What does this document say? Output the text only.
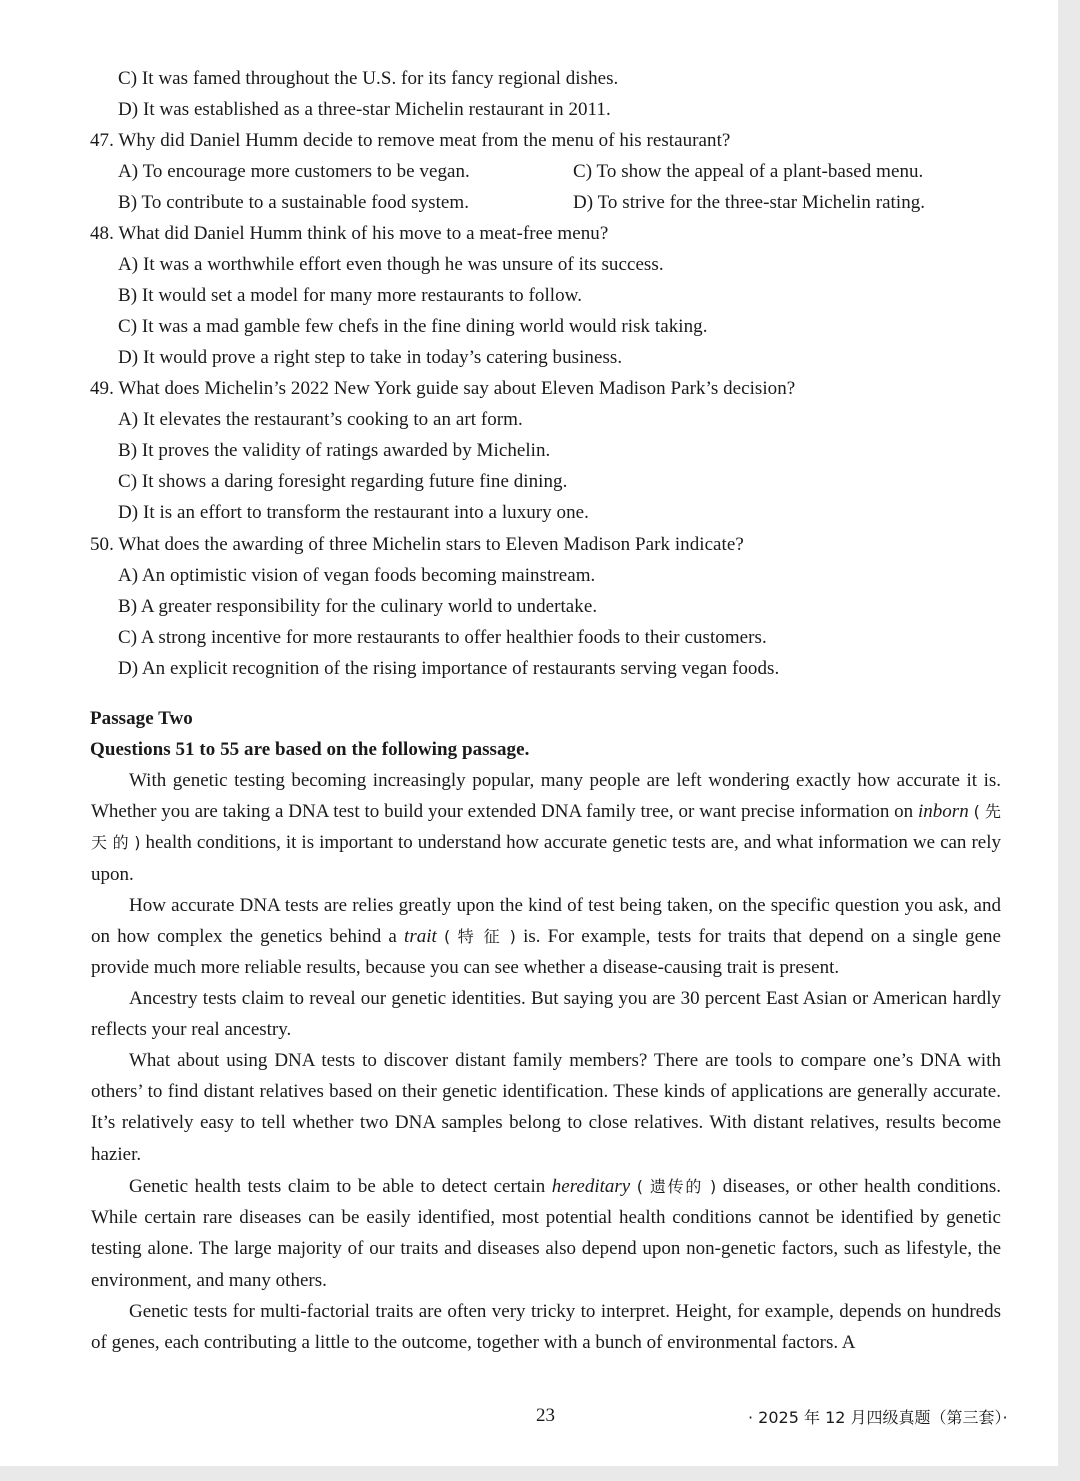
C) It was famed throughout the U.S. for its fancy regional dishes.
D) It was established as a three-star Michelin restaurant in 2011.
47. Why did Daniel Humm decide to remove meat from the menu of his restaurant?
A) To encourage more customers to be vegan.	C) To show the appeal of a plant-based menu.
B) To contribute to a sustainable food system.	D) To strive for the three-star Michelin rating.
48. What did Daniel Humm think of his move to a meat-free menu?
A) It was a worthwhile effort even though he was unsure of its success.
B) It would set a model for many more restaurants to follow.
C) It was a mad gamble few chefs in the fine dining world would risk taking.
D) It would prove a right step to take in today’s catering business.
49. What does Michelin’s 2022 New York guide say about Eleven Madison Park’s decision?
A) It elevates the restaurant’s cooking to an art form.
B) It proves the validity of ratings awarded by Michelin.
C) It shows a daring foresight regarding future fine dining.
D) It is an effort to transform the restaurant into a luxury one.
50. What does the awarding of three Michelin stars to Eleven Madison Park indicate?
A) An optimistic vision of vegan foods becoming mainstream.
B) A greater responsibility for the culinary world to undertake.
C) A strong incentive for more restaurants to offer healthier foods to their customers.
D) An explicit recognition of the rising importance of restaurants serving vegan foods.
Passage Two
Questions 51 to 55 are based on the following passage.
With genetic testing becoming increasingly popular, many people are left wondering exactly how accurate it is. Whether you are taking a DNA test to build your extended DNA family tree, or want precise information on inborn ( 先 天 的 ) health conditions, it is important to understand how accurate genetic tests are, and what information we can rely upon.
How accurate DNA tests are relies greatly upon the kind of test being taken, on the specific question you ask, and on how complex the genetics behind a trait ( 特 征 ) is. For example, tests for traits that depend on a single gene provide much more reliable results, because you can see whether a disease-causing trait is present.
Ancestry tests claim to reveal our genetic identities. But saying you are 30 percent East Asian or American hardly reflects your real ancestry.
What about using DNA tests to discover distant family members? There are tools to compare one’s DNA with others’ to find distant relatives based on their genetic identification. These kinds of applications are generally accurate. It’s relatively easy to tell whether two DNA samples belong to close relatives. With distant relatives, results become hazier.
Genetic health tests claim to be able to detect certain hereditary ( 遗传的 ) diseases, or other health conditions. While certain rare diseases can be easily identified, most potential health conditions cannot be identified by genetic testing alone. The large majority of our traits and diseases also depend upon non-genetic factors, such as lifestyle, the environment, and many others.
Genetic tests for multi-factorial traits are often very tricky to interpret. Height, for example, depends on hundreds of genes, each contributing a little to the outcome, together with a bunch of environmental factors. A
23	· 2025 年 12 月四级真题（第三套）·
